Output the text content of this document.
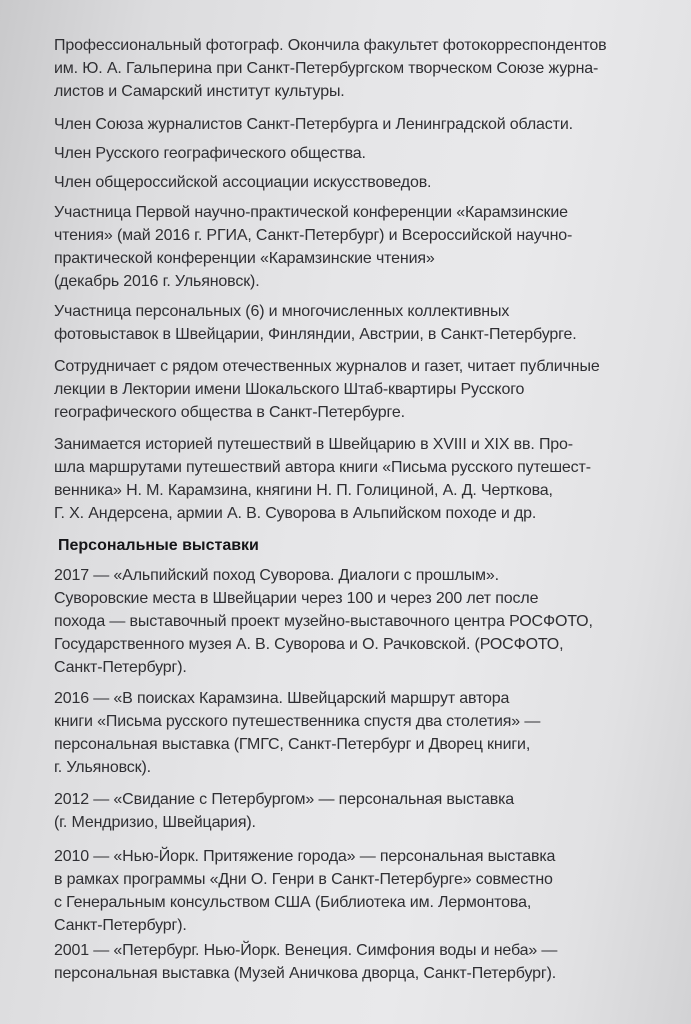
Профессиональный фотограф. Окончила факультет фотокорреспондентов
им. Ю. А. Гальперина при Санкт-Петербургском творческом Союзе журна-
листов и Самарский институт культуры.

Член Союза журналистов Санкт-Петербурга и Ленинградской области.

Член Русского географического общества.

Член общероссийской ассоциации искусствоведов.

Участница Первой научно-практической конференции «Карамзинские
чтения» (май 2016 г. РГИА, Санкт-Петербург) и Всероссийской научно-
практической конференции «Карамзинские чтения»
(декабрь 2016 г. Ульяновск).

Участница персональных (6) и многочисленных коллективных
фотовыставок в Швейцарии, Финляндии, Австрии, в Санкт-Петербурге.

Сотрудничает с рядом отечественных журналов и газет, читает публичные
лекции в Лектории имени Шокальского Штаб-квартиры Русского
географического общества в Санкт-Петербурге.

Занимается историей путешествий в Швейцарию в XVIII и XIX вв. Про-
шла маршрутами путешествий автора книги «Письма русского путешест-
венника» Н. М. Карамзина, княгини Н. П. Голициной, А. Д. Черткова,
Г. Х. Андерсена, армии А. В. Суворова в Альпийском походе и др.

Персональные выставки

2017 — «Альпийский поход Суворова. Диалоги с прошлым».
Суворовские места в Швейцарии через 100 и через 200 лет после
похода — выставочный проект музейно-выставочного центра РОСФОТО,
Государственного музея А. В. Суворова и О. Рачковской. (РОСФОТО,
Санкт-Петербург).

2016 — «В поисках Карамзина. Швейцарский маршрут автора
книги «Письма русского путешественника спустя два столетия» —
персональная выставка (ГМГС, Санкт-Петербург и Дворец книги,
г. Ульяновск).

2012 — «Свидание с Петербургом» — персональная выставка
(г. Мендризио, Швейцария).

2010 — «Нью-Йорк. Притяжение города» — персональная выставка
в рамках программы «Дни О. Генри в Санкт-Петербурге» совместно
с Генеральным консульством США (Библиотека им. Лермонтова,
Санкт-Петербург).

2001 — «Петербург. Нью-Йорк. Венеция. Симфония воды и неба» —
персональная выставка (Музей Аничкова дворца, Санкт-Петербург).
